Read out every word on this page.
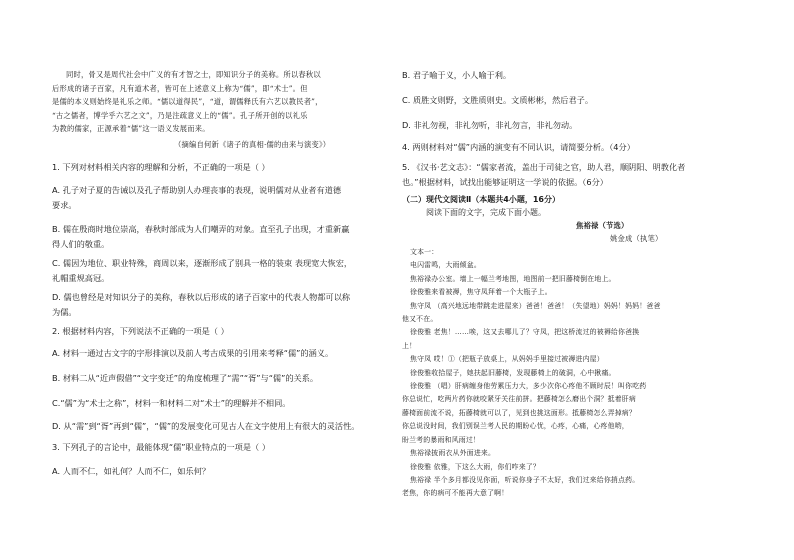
同时，骨又是周代社会中广义的有才智之士，即知识分子的美称。所以春秋以
后形成的诸子百家，凡有道术者，皆可在上述意义上称为“儒”，即“术士”。但
是儒的本义则始终是礼乐之师。“儒以道得民”，“道，谓儒释氏有六艺以教民者”，
“古之儒者，博学乎六艺之文”，乃是注疏意义上的“儒”。孔子所开创的以礼乐
为教的儒家，正源承着“儒”这一语义发展而来。
（摘编自何新《诸子的真相·儒的由来与演变》）
1. 下列对材料相关内容的理解和分析，不正确的一项是（ ）
A. 孔子对子夏的告诫以及孔子帮助别人办理丧事的表现，说明儒对从业者有道德
要求。
B. 儒在殷商时地位崇高，春秋时部成为人们嘲弄的对象。直至孔子出现，才重新赢
得人们的敬重。
C. 儒因为地位、职业特殊，商周以来，逐渐形成了别具一格的装束 表现宽大恢宏，
礼帽重规高冠。
D. 儒也曾经是对知识分子的美称，春秋以后形成的诸子百家中的代表人物都可以称
为儒。
2. 根据材料内容，下列说法不正确的一项是（ ）
A. 材料一通过古文字的字形排演以及前人考古成果的引用来考释“儒”的涵义。
B. 材料二从“近声假借”“文字变迁”的角度梳理了“需”“胥”与“儒”的关系。
C.“儒”为“术士之称”，材料一和材料二对“术士”的理解并不相同。
D. 从“需”到“胥”再到“儒”，“儒”的发展变化可见古人在文字使用上有很大的灵活性。
3. 下列孔子的言论中，最能体现“儒”职业特点的一项是（ ）
A. 人而不仁，如礼何？人而不仁，如乐何？
B. 君子喻于义，小人喻于利。
C. 质胜文则野，文胜质则史。文质彬彬，然后君子。
D. 非礼勿视，非礼勿听，非礼勿言，非礼勿动。
4. 两则材料对“儒”内涵的演变有不同认识，请简要分析。（4分）
5. 《汉书·艺文志》：“儒家者流，盖出于司徒之官，助人君，顺阴阳、明教化者
也。”根据材料，试找出能够证明这一学说的依据。（6分）
（二）现代文阅读Ⅱ（本题共4小题，16分）
阅读下面的文字，完成下面小题。
焦裕禄（节选）
姚金成（执笔）
文本一：
电闪雷鸣，大雨倾盆。
焦裕禄办公室。墙上一幅兰考地图，地图前一把旧藤椅倒在地上。
徐俊雅来看被褥，焦守凤拜着一个大瓶子上。
焦守凤 （高兴地远地带跳走进屋来）爸爸！爸爸！（失望地）妈妈！妈妈！爸爸
他又不在。
徐俊雅 老焦！……唉，这又去哪儿了？守凤，把这桥流过的被褥给你爸换
上！
焦守凤 哎！①（把瓶子放桌上，从妈妈手里接过被褥进内屋）
徐俊雅收拾屋子，她扶起旧藤椅，发现藤椅上的破洞，心中揪痛。
徐俊雅 （唱）肝病缠身他劳累压力大，多少次你心疼他不顾时辰！叫你吃药
你总说忙，吃两片药你就咬紧牙关往前拼。把藤椅怎么磨出个洞？抵着肝病
藤椅面前流不说，拓藤椅就可以了，见到也挑这面形。抵藤椅怎么弄掉病？
你总说没时间，我们别误兰考人民的期盼心忧，心疼，心痛，心疼他哟，
盼兰考的暴雨和风雨过！
焦裕禄披雨衣从外面进来。
徐俊雅 依雅，下这么大雨，你们咋来了？
焦裕禄 半个多月都没见你面，听说你身子不太好，我们过来给你捎点药。
老焦，你的病可不能再大意了啊！
